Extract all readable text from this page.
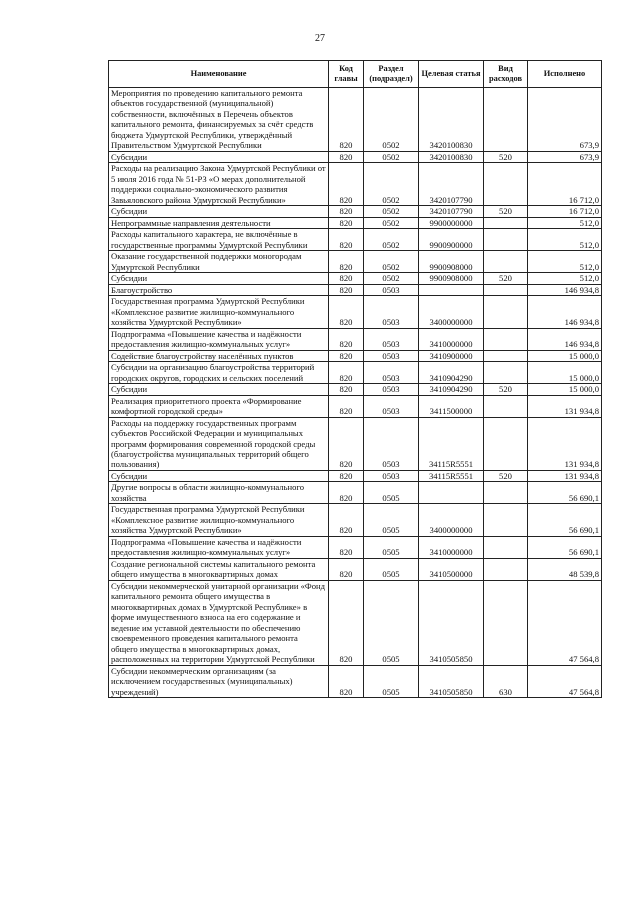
27
Наименование	Код главы	Раздел (подраздел)	Целевая статья	Вид расходов	Исполнено
Мероприятия по проведению капитального ремонта объектов государственной (муниципальной) собственности, включённых в Перечень объектов капитального ремонта, финансируемых за счёт средств бюджета Удмуртской Республики, утверждённый Правительством Удмуртской Республики	820	0502	3420100830		673,9
Субсидии	820	0502	3420100830	520	673,9
Расходы на реализацию Закона Удмуртской Республики от 5 июля 2016 года № 51-РЗ «О мерах дополнительной поддержки социально-экономического развития Завьяловского района Удмуртской Республики»	820	0502	3420107790		16 712,0
Субсидии	820	0502	3420107790	520	16 712,0
Непрограммные направления деятельности	820	0502	9900000000		512,0
Расходы капитального характера, не включённые в государственные программы Удмуртской Республики	820	0502	9900900000		512,0
Оказание государственной поддержки моногородам Удмуртской Республики	820	0502	9900908000		512,0
Субсидии	820	0502	9900908000	520	512,0
Благоустройство	820	0503			146 934,8
Государственная программа Удмуртской Республики «Комплексное развитие жилищно-коммунального хозяйства Удмуртской Республики»	820	0503	3400000000		146 934,8
Подпрограмма «Повышение качества и надёжности предоставления жилищно-коммунальных услуг»	820	0503	3410000000		146 934,8
Содействие благоустройству населённых пунктов	820	0503	3410900000		15 000,0
Субсидии на организацию благоустройства территорий городских округов, городских и сельских поселений	820	0503	3410904290		15 000,0
Субсидии	820	0503	3410904290	520	15 000,0
Реализация приоритетного проекта «Формирование комфортной городской среды»	820	0503	3411500000		131 934,8
Расходы на поддержку государственных программ субъектов Российской Федерации и муниципальных программ формирования современной городской среды (благоустройства муниципальных территорий общего пользования)	820	0503	34115R5551		131 934,8
Субсидии	820	0503	34115R5551	520	131 934,8
Другие вопросы в области жилищно-коммунального хозяйства	820	0505			56 690,1
Государственная программа Удмуртской Республики «Комплексное развитие жилищно-коммунального хозяйства Удмуртской Республики»	820	0505	3400000000		56 690,1
Подпрограмма «Повышение качества и надёжности предоставления жилищно-коммунальных услуг»	820	0505	3410000000		56 690,1
Создание региональной системы капитального ремонта общего имущества в многоквартирных домах	820	0505	3410500000		48 539,8
Субсидии некоммерческой унитарной организации «Фонд капитального ремонта общего имущества в многоквартирных домах в Удмуртской Республике» в форме имущественного взноса на его содержание и ведение им уставной деятельности по обеспечению своевременного проведения капитального ремонта общего имущества в многоквартирных домах, расположенных на территории Удмуртской Республики	820	0505	3410505850		47 564,8
Субсидии некоммерческим организациям (за исключением государственных (муниципальных) учреждений)	820	0505	3410505850	630	47 564,8
